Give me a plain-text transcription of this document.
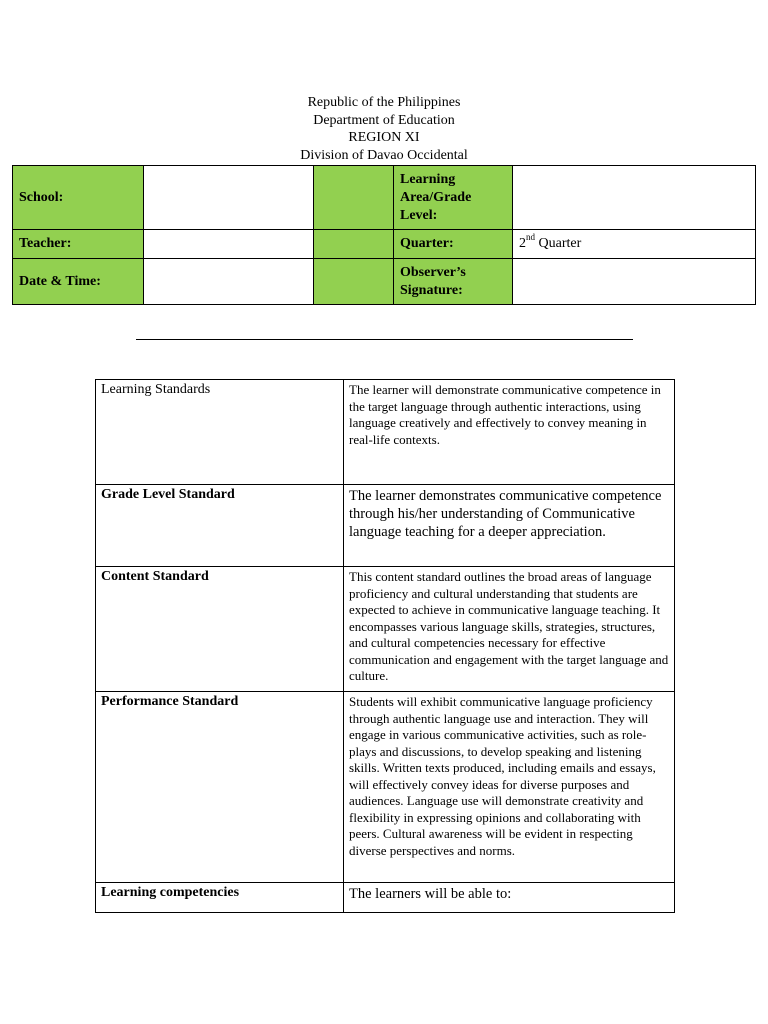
Republic of the Philippines
Department of Education
REGION XI
Division of Davao Occidental
School:			Learning Area/Grade Level:	
Teacher:			Quarter:	2nd Quarter
Date & Time:			Observer’s Signature:	
Learning Standards	The learner will demonstrate communicative competence in the target language through authentic interactions, using language creatively and effectively to convey meaning in real-life contexts.
Grade Level Standard	The learner demonstrates communicative competence through his/her understanding of Communicative language teaching for a deeper appreciation.
Content Standard	This content standard outlines the broad areas of language proficiency and cultural understanding that students are expected to achieve in communicative language teaching. It encompasses various language skills, strategies, structures, and cultural competencies necessary for effective communication and engagement with the target language and culture.
Performance Standard	Students will exhibit communicative language proficiency through authentic language use and interaction. They will engage in various communicative activities, such as role-plays and discussions, to develop speaking and listening skills. Written texts produced, including emails and essays, will effectively convey ideas for diverse purposes and audiences. Language use will demonstrate creativity and flexibility in expressing opinions and collaborating with peers. Cultural awareness will be evident in respecting diverse perspectives and norms.
Learning competencies	The learners will be able to:
